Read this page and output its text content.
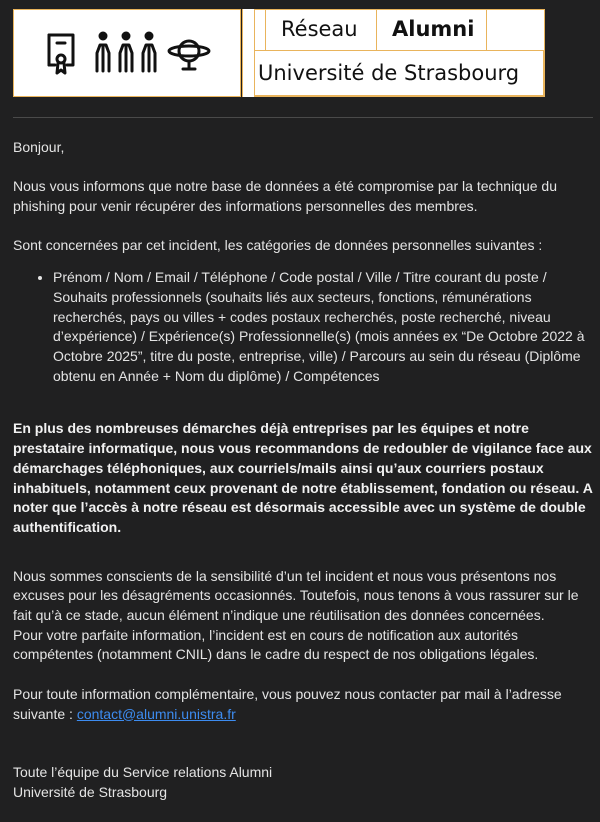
Réseau Alumni
Université de Strasbourg

Bonjour,

Nous vous informons que notre base de données a été compromise par la technique du phishing pour venir récupérer des informations personnelles des membres.

Sont concernées par cet incident, les catégories de données personnelles suivantes :

• Prénom / Nom / Email / Téléphone / Code postal / Ville / Titre courant du poste / Souhaits professionnels (souhaits liés aux secteurs, fonctions, rémunérations recherchés, pays ou villes + codes postaux recherchés, poste recherché, niveau d’expérience) / Expérience(s) Professionnelle(s) (mois années ex “De Octobre 2022 à Octobre 2025”, titre du poste, entreprise, ville) / Parcours au sein du réseau (Diplôme obtenu en Année + Nom du diplôme) / Compétences

En plus des nombreuses démarches déjà entreprises par les équipes et notre prestataire informatique, nous vous recommandons de redoubler de vigilance face aux démarchages téléphoniques, aux courriels/mails ainsi qu’aux courriers postaux inhabituels, notamment ceux provenant de notre établissement, fondation ou réseau. A noter que l’accès à notre réseau est désormais accessible avec un système de double authentification.

Nous sommes conscients de la sensibilité d’un tel incident et nous vous présentons nos excuses pour les désagréments occasionnés. Toutefois, nous tenons à vous rassurer sur le fait qu’à ce stade, aucun élément n’indique une réutilisation des données concernées.

Pour votre parfaite information, l’incident est en cours de notification aux autorités compétentes (notamment CNIL) dans le cadre du respect de nos obligations légales.

Pour toute information complémentaire, vous pouvez nous contacter par mail à l’adresse suivante : contact@alumni.unistra.fr

Toute l’équipe du Service relations Alumni

Université de Strasbourg
